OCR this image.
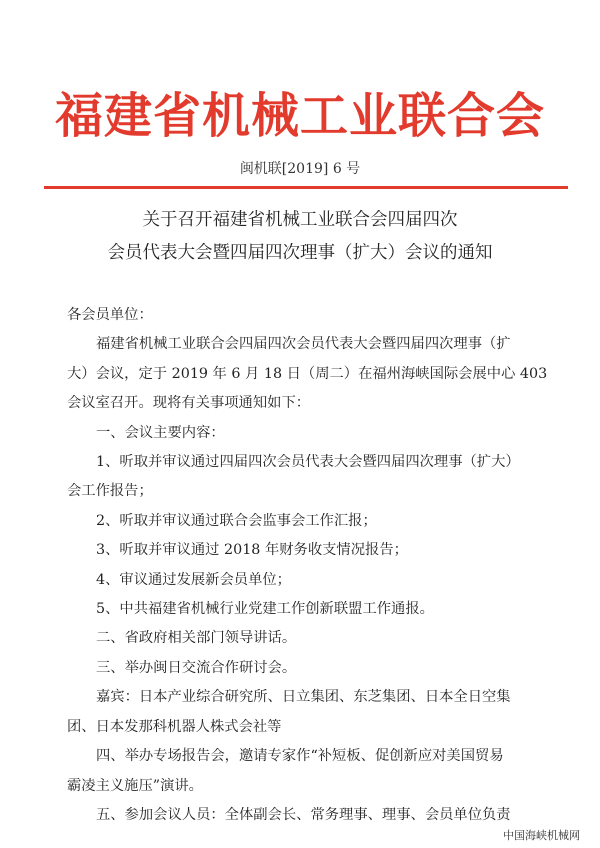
福建省机械工业联合会
闽机联[2019] 6 号
关于召开福建省机械工业联合会四届四次
会员代表大会暨四届四次理事（扩大）会议的通知

各会员单位：

福建省机械工业联合会四届四次会员代表大会暨四届四次理事（扩

大）会议，定于 2019 年 6 月 18 日（周二）在福州海峡国际会展中心 403

会议室召开。现将有关事项通知如下：

一、会议主要内容：

1、听取并审议通过四届四次会员代表大会暨四届四次理事（扩大）

会工作报告；

2、听取并审议通过联合会监事会工作汇报；

3、听取并审议通过 2018 年财务收支情况报告；

4、审议通过发展新会员单位；

5、中共福建省机械行业党建工作创新联盟工作通报。

二、省政府相关部门领导讲话。

三、举办闽日交流合作研讨会。

嘉宾：日本产业综合研究所、日立集团、东芝集团、日本全日空集

团、日本发那科机器人株式会社等

四、举办专场报告会，邀请专家作“补短板、促创新应对美国贸易

霸凌主义施压”演讲。

五、参加会议人员：全体副会长、常务理事、理事、会员单位负责

中国海峡机械网
